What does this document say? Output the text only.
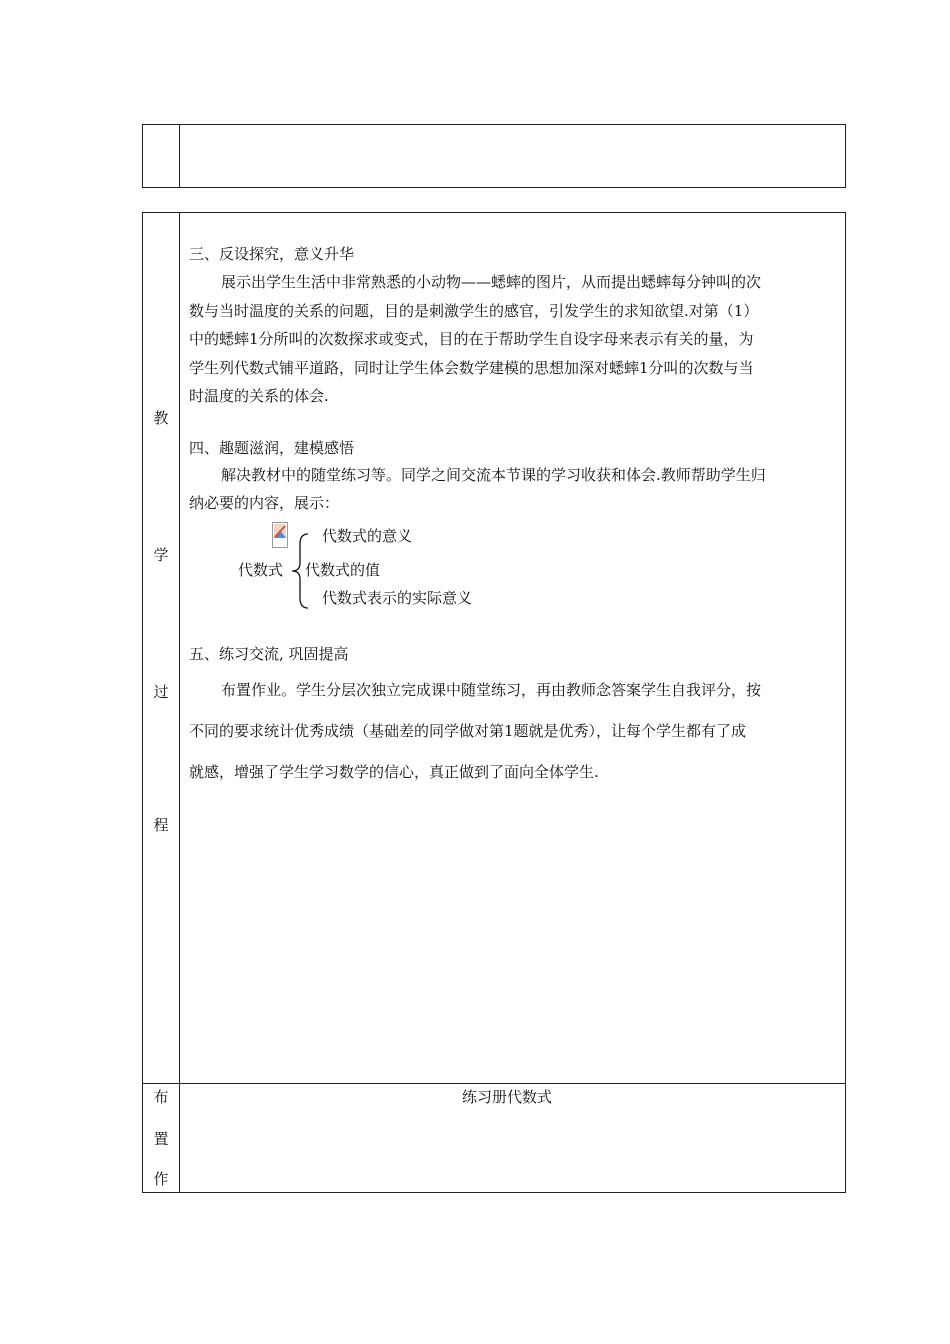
教
学
过
程
三、反设探究，意义升华
展示出学生生活中非常熟悉的小动物——蟋蟀的图片，从而提出蟋蟀每分钟叫的次
数与当时温度的关系的问题，目的是刺激学生的感官，引发学生的求知欲望.对第（1）
中的蟋蟀1分所叫的次数探求或变式，目的在于帮助学生自设字母来表示有关的量，为
学生列代数式铺平道路，同时让学生体会数学建模的思想加深对蟋蟀1分叫的次数与当
时温度的关系的体会.
四、趣题滋润，建模感悟
解决教材中的随堂练习等。同学之间交流本节课的学习收获和体会.教师帮助学生归
纳必要的内容，展示：
代数式
代数式的意义
代数式的值
代数式表示的实际意义
五、练习交流, 巩固提高
布置作业。学生分层次独立完成课中随堂练习，再由教师念答案学生自我评分，按
不同的要求统计优秀成绩（基础差的同学做对第1题就是优秀），让每个学生都有了成
就感，增强了学生学习数学的信心，真正做到了面向全体学生.
布
置
作
练习册代数式
